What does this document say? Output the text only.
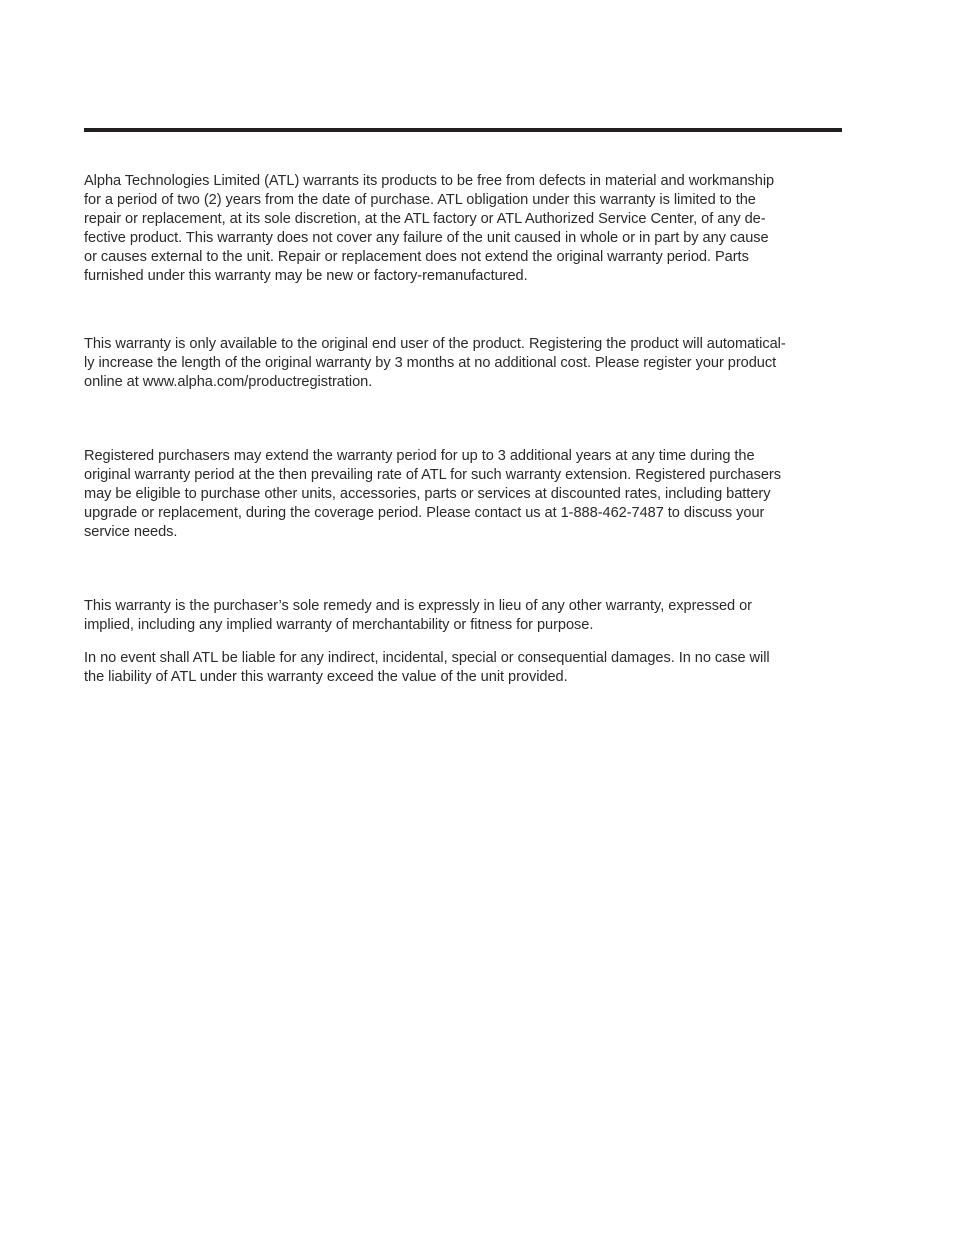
Alpha Technologies Limited (ATL) warrants its products to be free from defects in material and workmanship
for a period of two (2) years from the date of purchase. ATL obligation under this warranty is limited to the
repair or replacement, at its sole discretion, at the ATL factory or ATL Authorized Service Center, of any de-
fective product. This warranty does not cover any failure of the unit caused in whole or in part by any cause
or causes external to the unit. Repair or replacement does not extend the original warranty period. Parts
furnished under this warranty may be new or factory-remanufactured.

This warranty is only available to the original end user of the product. Registering the product will automatical-
ly increase the length of the original warranty by 3 months at no additional cost. Please register your product
online at www.alpha.com/productregistration.

Registered purchasers may extend the warranty period for up to 3 additional years at any time during the
original warranty period at the then prevailing rate of ATL for such warranty extension. Registered purchasers
may be eligible to purchase other units, accessories, parts or services at discounted rates, including battery
upgrade or replacement, during the coverage period. Please contact us at 1-888-462-7487 to discuss your
service needs.

This warranty is the purchaser’s sole remedy and is expressly in lieu of any other warranty, expressed or
implied, including any implied warranty of merchantability or fitness for purpose.

In no event shall ATL be liable for any indirect, incidental, special or consequential damages. In no case will
the liability of ATL under this warranty exceed the value of the unit provided.
